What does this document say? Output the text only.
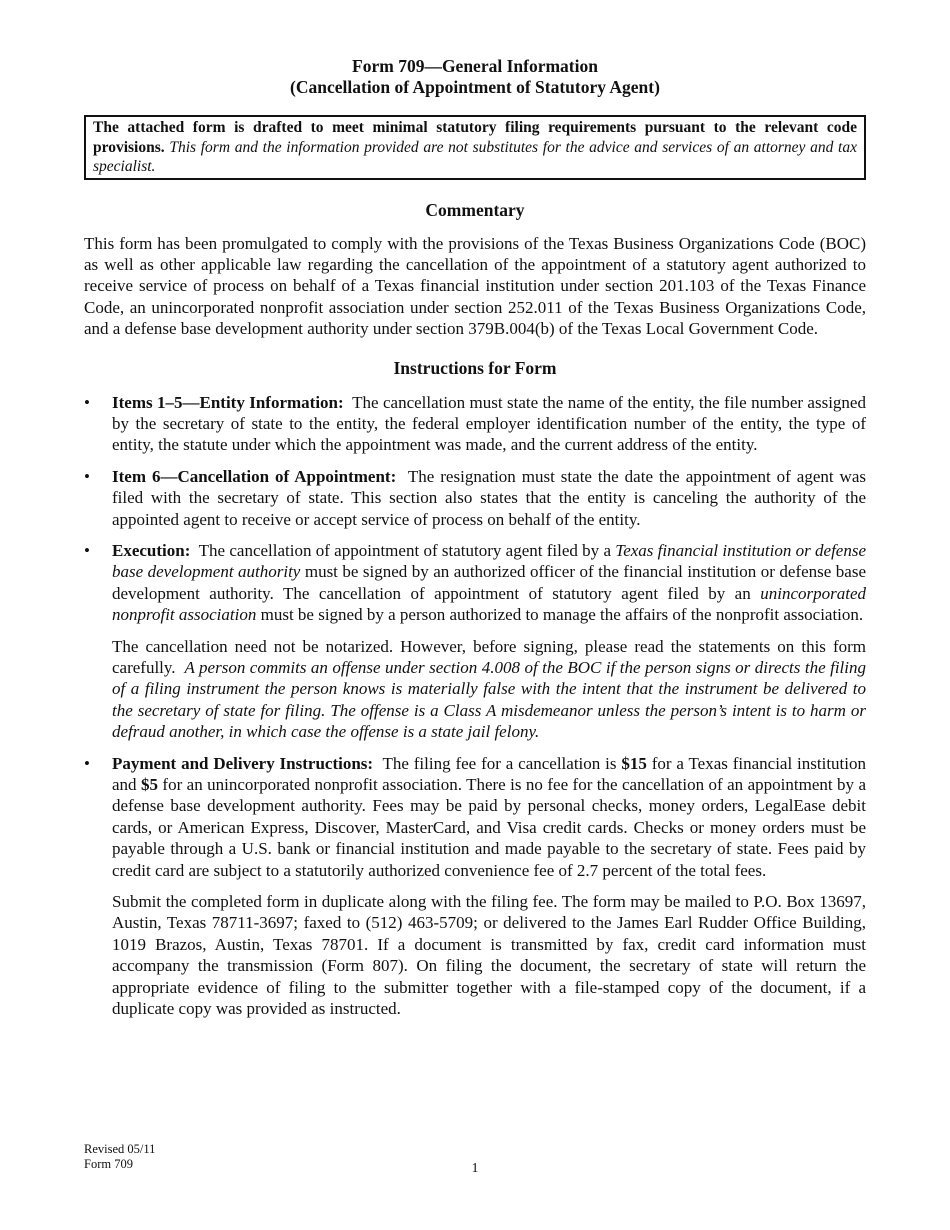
Form 709—General Information
(Cancellation of Appointment of Statutory Agent)
The attached form is drafted to meet minimal statutory filing requirements pursuant to the relevant code provisions. This form and the information provided are not substitutes for the advice and services of an attorney and tax specialist.
Commentary
This form has been promulgated to comply with the provisions of the Texas Business Organizations Code (BOC) as well as other applicable law regarding the cancellation of the appointment of a statutory agent authorized to receive service of process on behalf of a Texas financial institution under section 201.103 of the Texas Finance Code, an unincorporated nonprofit association under section 252.011 of the Texas Business Organizations Code, and a defense base development authority under section 379B.004(b) of the Texas Local Government Code.
Instructions for Form
• Items 1–5—Entity Information: The cancellation must state the name of the entity, the file number assigned by the secretary of state to the entity, the federal employer identification number of the entity, the type of entity, the statute under which the appointment was made, and the current address of the entity.
• Item 6—Cancellation of Appointment: The resignation must state the date the appointment of agent was filed with the secretary of state. This section also states that the entity is canceling the authority of the appointed agent to receive or accept service of process on behalf of the entity.
• Execution: The cancellation of appointment of statutory agent filed by a Texas financial institution or defense base development authority must be signed by an authorized officer of the financial institution or defense base development authority. The cancellation of appointment of statutory agent filed by an unincorporated nonprofit association must be signed by a person authorized to manage the affairs of the nonprofit association.
The cancellation need not be notarized. However, before signing, please read the statements on this form carefully. A person commits an offense under section 4.008 of the BOC if the person signs or directs the filing of a filing instrument the person knows is materially false with the intent that the instrument be delivered to the secretary of state for filing. The offense is a Class A misdemeanor unless the person’s intent is to harm or defraud another, in which case the offense is a state jail felony.
• Payment and Delivery Instructions: The filing fee for a cancellation is $15 for a Texas financial institution and $5 for an unincorporated nonprofit association. There is no fee for the cancellation of an appointment by a defense base development authority. Fees may be paid by personal checks, money orders, LegalEase debit cards, or American Express, Discover, MasterCard, and Visa credit cards. Checks or money orders must be payable through a U.S. bank or financial institution and made payable to the secretary of state. Fees paid by credit card are subject to a statutorily authorized convenience fee of 2.7 percent of the total fees.
Submit the completed form in duplicate along with the filing fee. The form may be mailed to P.O. Box 13697, Austin, Texas 78711-3697; faxed to (512) 463-5709; or delivered to the James Earl Rudder Office Building, 1019 Brazos, Austin, Texas 78701. If a document is transmitted by fax, credit card information must accompany the transmission (Form 807). On filing the document, the secretary of state will return the appropriate evidence of filing to the submitter together with a file-stamped copy of the document, if a duplicate copy was provided as instructed.
Revised 05/11
Form 709	1
